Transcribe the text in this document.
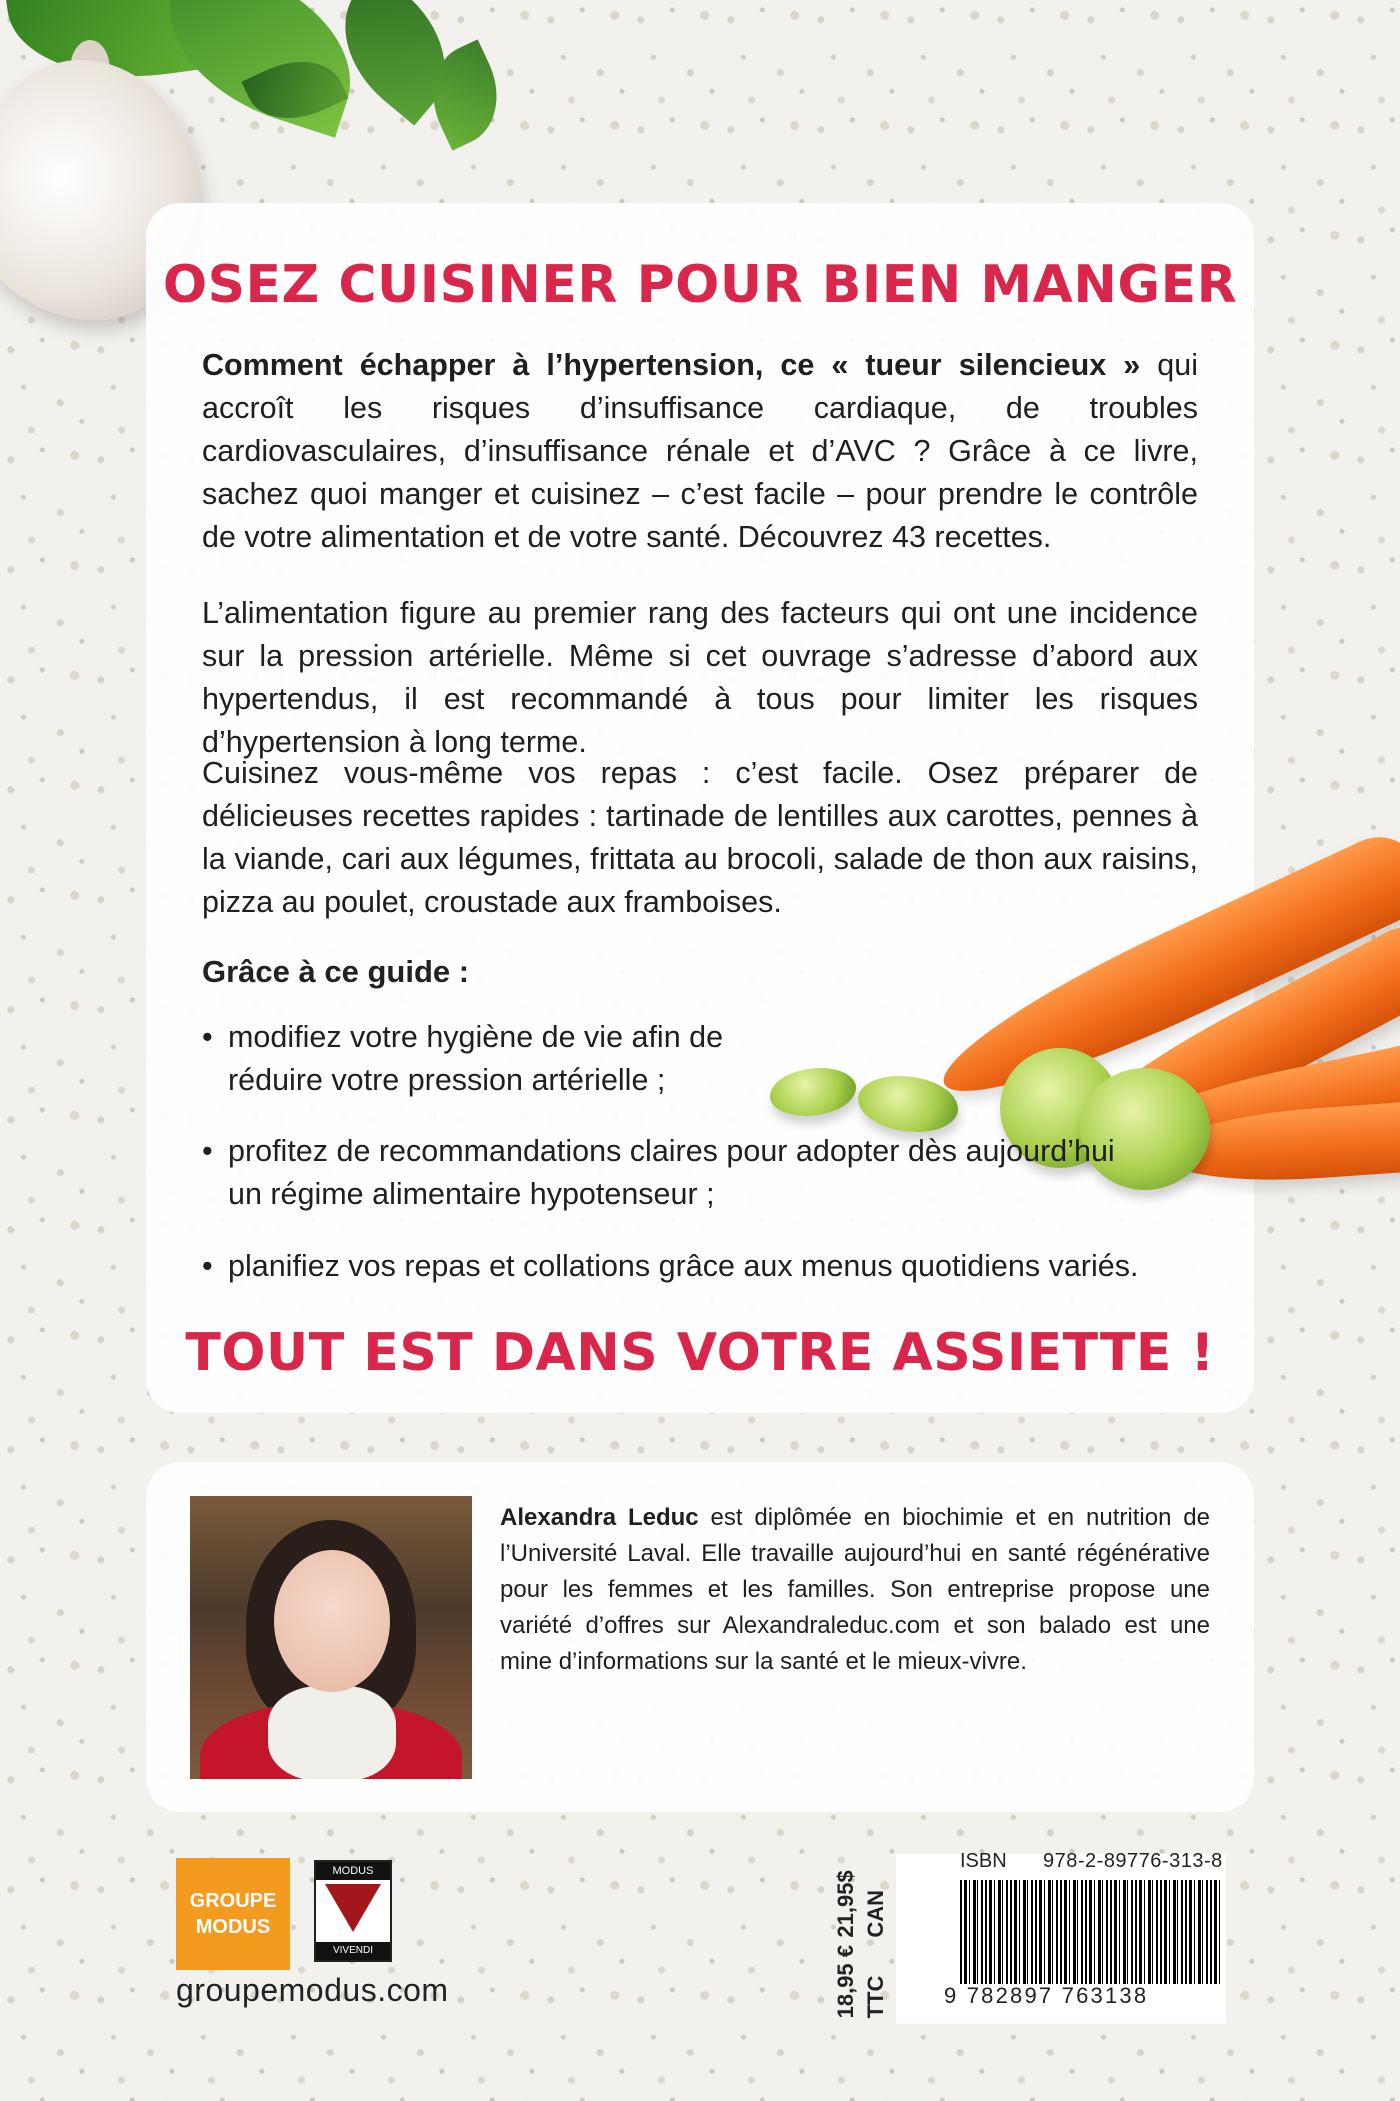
OSEZ CUISINER POUR BIEN MANGER
Comment échapper à l’hypertension, ce « tueur silencieux » qui accroît les risques d’insuffisance cardiaque, de troubles cardiovasculaires, d’insuffisance rénale et d’AVC ? Grâce à ce livre, sachez quoi manger et cuisinez – c’est facile – pour prendre le contrôle de votre alimentation et de votre santé. Découvrez 43 recettes.
L’alimentation figure au premier rang des facteurs qui ont une incidence sur la pression artérielle. Même si cet ouvrage s’adresse d’abord aux hypertendus, il est recommandé à tous pour limiter les risques d’hypertension à long terme.
Cuisinez vous-même vos repas : c’est facile. Osez préparer de délicieuses recettes rapides : tartinade de lentilles aux carottes, pennes à la viande, cari aux légumes, frittata au brocoli, salade de thon aux raisins, pizza au poulet, croustade aux framboises.
Grâce à ce guide :
• modifiez votre hygiène de vie afin de réduire votre pression artérielle ;
• profitez de recommandations claires pour adopter dès aujourd’hui un régime alimentaire hypotenseur ;
• planifiez vos repas et collations grâce aux menus quotidiens variés.
TOUT EST DANS VOTRE ASSIETTE !
Alexandra Leduc est diplômée en biochimie et en nutrition de l’Université Laval. Elle travaille aujourd’hui en santé régénérative pour les femmes et les familles. Son entreprise propose une variété d’offres sur Alexandraleduc.com et son balado est une mine d’informations sur la santé et le mieux-vivre.
GROUPE
MODUS
MODUS
VIVENDI
groupemodus.com
21,95$ CAN
18,95 € TTC
ISBN 978-2-89776-313-8
9 782897 763138
